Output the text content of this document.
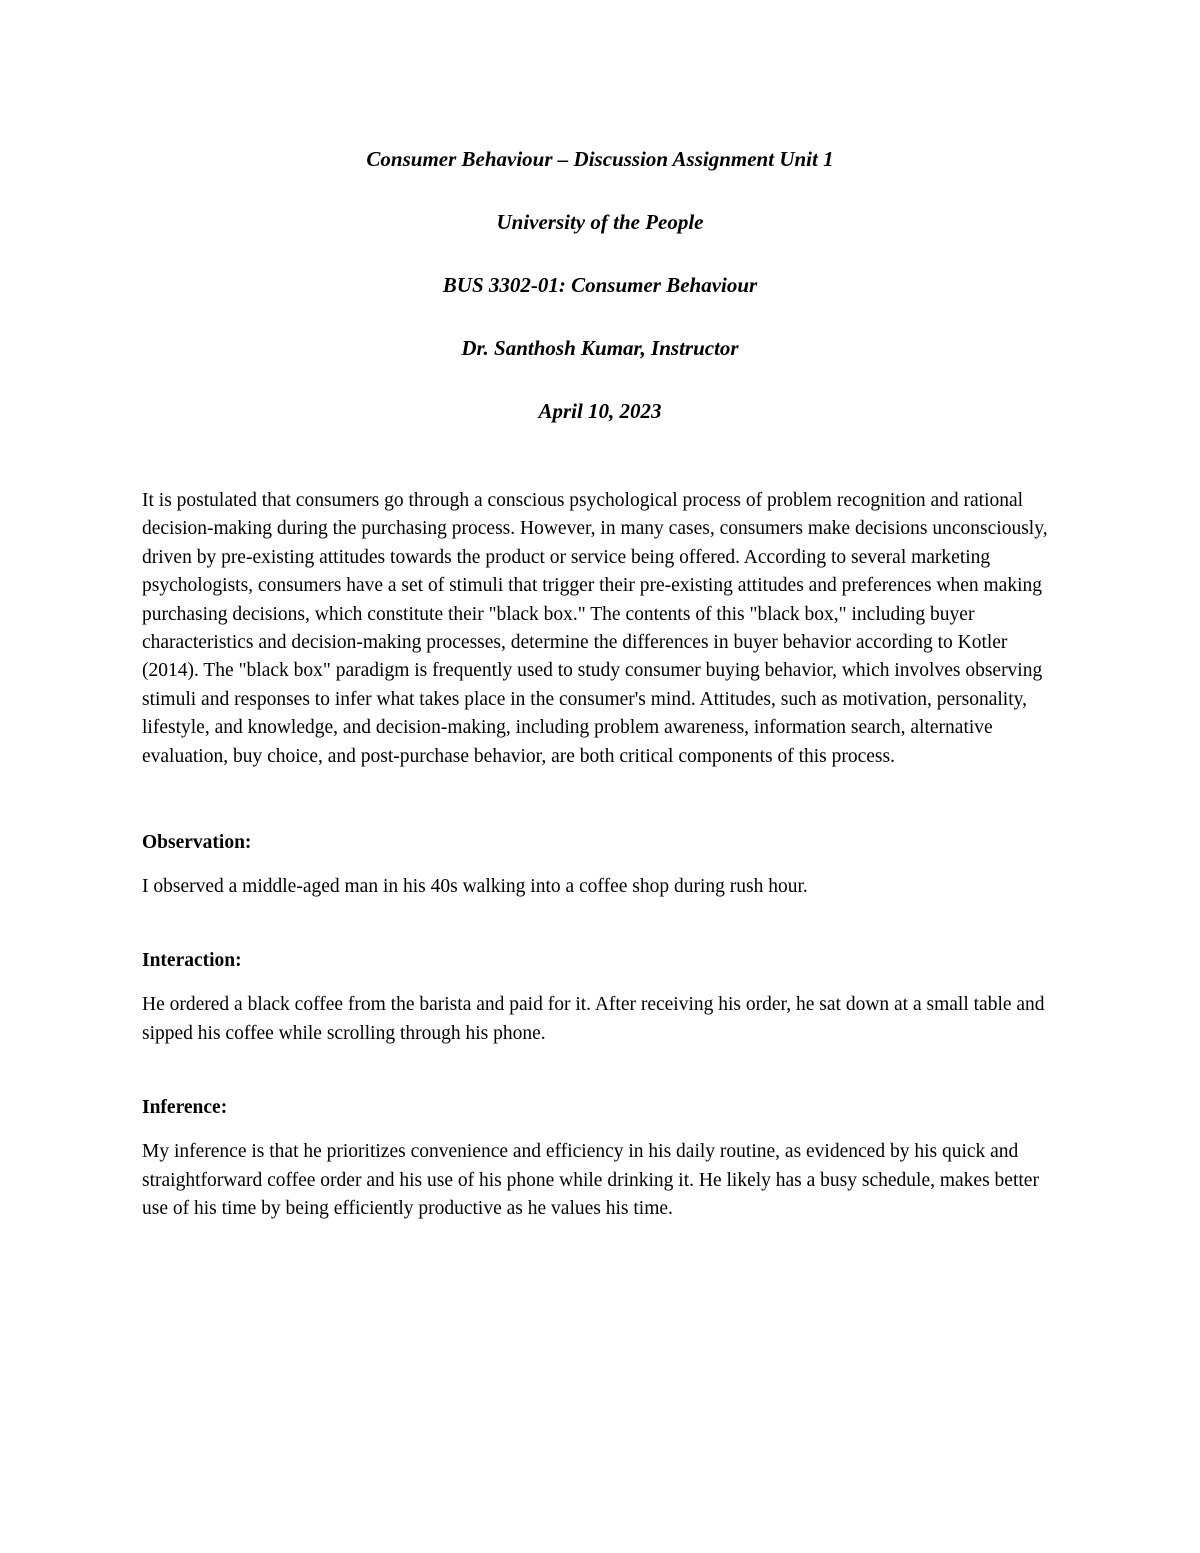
Consumer Behaviour – Discussion Assignment Unit 1

University of the People

BUS 3302-01: Consumer Behaviour

Dr. Santhosh Kumar, Instructor

April 10, 2023

It is postulated that consumers go through a conscious psychological process of problem recognition and rational decision-making during the purchasing process. However, in many cases, consumers make decisions unconsciously, driven by pre-existing attitudes towards the product or service being offered. According to several marketing psychologists, consumers have a set of stimuli that trigger their pre-existing attitudes and preferences when making purchasing decisions, which constitute their "black box." The contents of this "black box," including buyer characteristics and decision-making processes, determine the differences in buyer behavior according to Kotler (2014). The "black box" paradigm is frequently used to study consumer buying behavior, which involves observing stimuli and responses to infer what takes place in the consumer's mind. Attitudes, such as motivation, personality, lifestyle, and knowledge, and decision-making, including problem awareness, information search, alternative evaluation, buy choice, and post-purchase behavior, are both critical components of this process.

Observation:

I observed a middle-aged man in his 40s walking into a coffee shop during rush hour.

Interaction:

He ordered a black coffee from the barista and paid for it. After receiving his order, he sat down at a small table and sipped his coffee while scrolling through his phone.

Inference:

My inference is that he prioritizes convenience and efficiency in his daily routine, as evidenced by his quick and straightforward coffee order and his use of his phone while drinking it. He likely has a busy schedule, makes better use of his time by being efficiently productive as he values his time.
